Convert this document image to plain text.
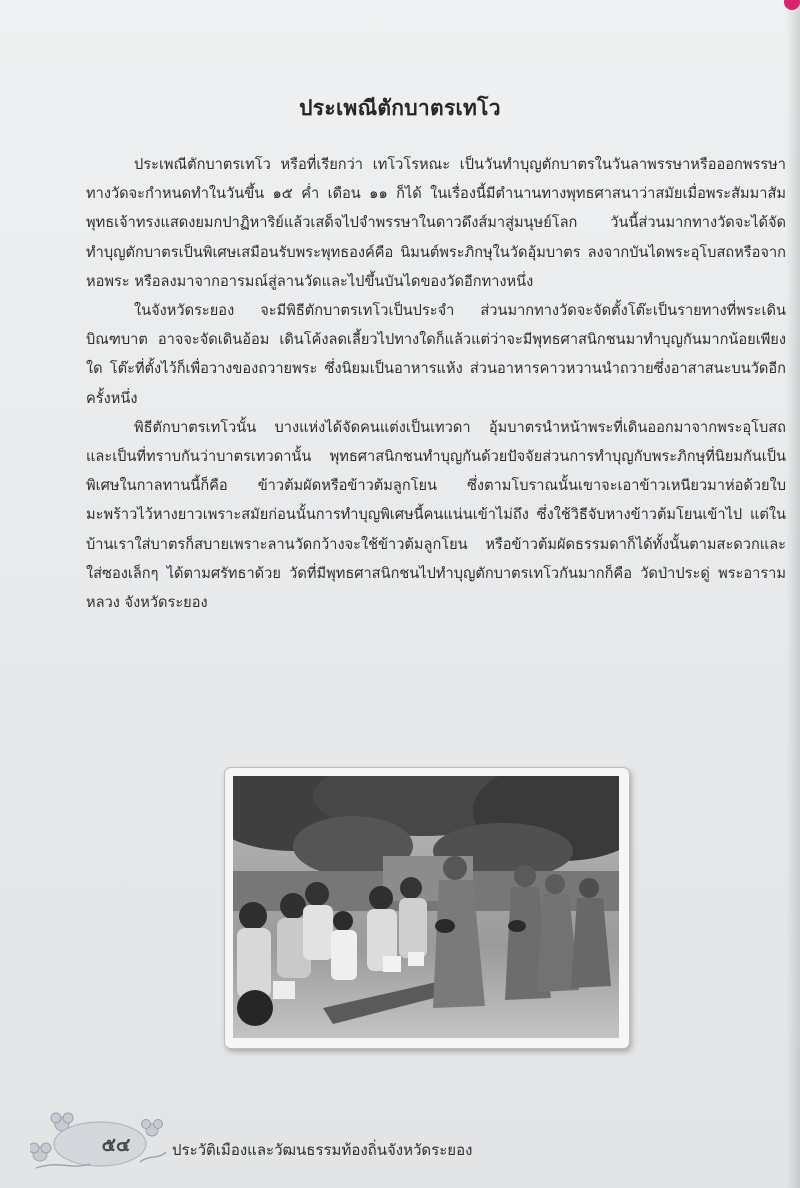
ประเพณีตักบาตรเทโว

ประเพณีตักบาตรเทโว หรือที่เรียกว่า เทโวโรหณะ เป็นวันทำบุญตักบาตรในวันลาพรรษาหรือออกพรรษา ทางวัดจะกำหนดทำในวันขึ้น ๑๕ ค่ำ เดือน ๑๑ ก็ได้ ในเรื่องนี้มีตำนานทางพุทธศาสนาว่าสมัยเมื่อพระสัมมาสัมพุทธเจ้าทรงแสดงยมกปาฏิหาริย์แล้วเสด็จไปจำพรรษาในดาวดึงส์มาสู่มนุษย์โลก วันนี้ส่วนมากทางวัดจะได้จัดทำบุญตักบาตรเป็นพิเศษเสมือนรับพระพุทธองค์คือ นิมนต์พระภิกษุในวัดอุ้มบาตร ลงจากบันไดพระอุโบสถหรือจากหอพระ หรือลงมาจากอารมณ์สู่ลานวัดและไปขึ้นบันไดของวัดอีกทางหนึ่ง

ในจังหวัดระยอง จะมีพิธีตักบาตรเทโวเป็นประจำ ส่วนมากทางวัดจะจัดตั้งโต๊ะเป็นรายทางที่พระเดินบิณฑบาต อาจจะจัดเดินอ้อม เดินโค้งลดเลี้ยวไปทางใดก็แล้วแต่ว่าจะมีพุทธศาสนิกชนมาทำบุญกันมากน้อยเพียงใด โต๊ะที่ตั้งไว้ก็เพื่อวางของถวายพระ ซึ่งนิยมเป็นอาหารแห้ง ส่วนอาหารคาวหวานนำถวายซึ่งอาสาสนะบนวัดอีกครั้งหนึ่ง

พิธีตักบาตรเทโวนั้น บางแห่งได้จัดคนแต่งเป็นเทวดา อุ้มบาตรนำหน้าพระที่เดินออกมาจากพระอุโบสถ และเป็นที่ทราบกันว่าบาตรเทวดานั้น พุทธศาสนิกชนทำบุญกันด้วยปัจจัยส่วนการทำบุญกับพระภิกษุที่นิยมกันเป็นพิเศษในกาลทานนี้ก็คือ ข้าวต้มผัดหรือข้าวต้มลูกโยน ซึ่งตามโบราณนั้นเขาจะเอาข้าวเหนียวมาห่อด้วยใบมะพร้าวไว้หางยาวเพราะสมัยก่อนนั้นการทำบุญพิเศษนี้คนแน่นเข้าไม่ถึง ซึ่งใช้วิธีจับหางข้าวต้มโยนเข้าไป แต่ในบ้านเราใส่บาตรก็สบายเพราะลานวัดกว้างจะใช้ข้าวต้มลูกโยน หรือข้าวต้มผัดธรรมดาก็ได้ทั้งนั้นตามสะดวกและใส่ซองเล็กๆ ได้ตามศรัทธาด้วย วัดที่มีพุทธศาสนิกชนไปทำบุญตักบาตรเทโวกันมากก็คือ วัดป่าประดู่ พระอารามหลวง จังหวัดระยอง

๕๔	ประวัติเมืองและวัฒนธรรมท้องถิ่นจังหวัดระยอง
